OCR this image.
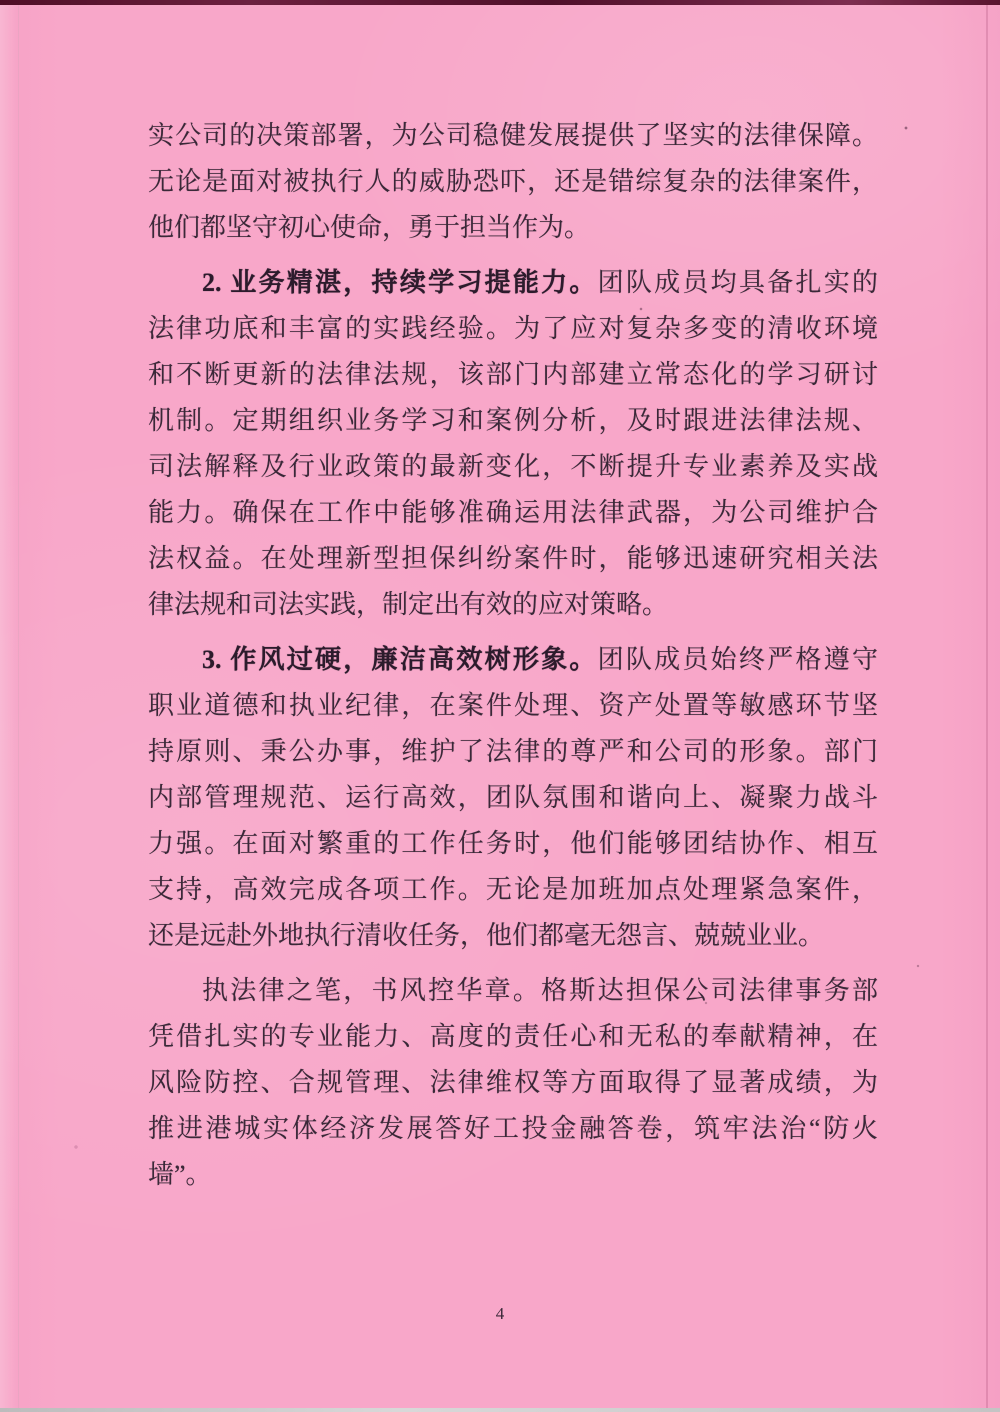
实公司的决策部署，为公司稳健发展提供了坚实的法律保障。
无论是面对被执行人的威胁恐吓，还是错综复杂的法律案件，
他们都坚守初心使命，勇于担当作为。
2. 业务精湛，持续学习提能力。团队成员均具备扎实的
法律功底和丰富的实践经验。为了应对复杂多变的清收环境
和不断更新的法律法规，该部门内部建立常态化的学习研讨
机制。定期组织业务学习和案例分析，及时跟进法律法规、
司法解释及行业政策的最新变化，不断提升专业素养及实战
能力。确保在工作中能够准确运用法律武器，为公司维护合
法权益。在处理新型担保纠纷案件时，能够迅速研究相关法
律法规和司法实践，制定出有效的应对策略。
3. 作风过硬，廉洁高效树形象。团队成员始终严格遵守
职业道德和执业纪律，在案件处理、资产处置等敏感环节坚
持原则、秉公办事，维护了法律的尊严和公司的形象。部门
内部管理规范、运行高效，团队氛围和谐向上、凝聚力战斗
力强。在面对繁重的工作任务时，他们能够团结协作、相互
支持，高效完成各项工作。无论是加班加点处理紧急案件，
还是远赴外地执行清收任务，他们都毫无怨言、兢兢业业。
执法律之笔，书风控华章。格斯达担保公司法律事务部
凭借扎实的专业能力、高度的责任心和无私的奉献精神，在
风险防控、合规管理、法律维权等方面取得了显著成绩，为
推进港城实体经济发展答好工投金融答卷，筑牢法治“防火
墙”。
4
